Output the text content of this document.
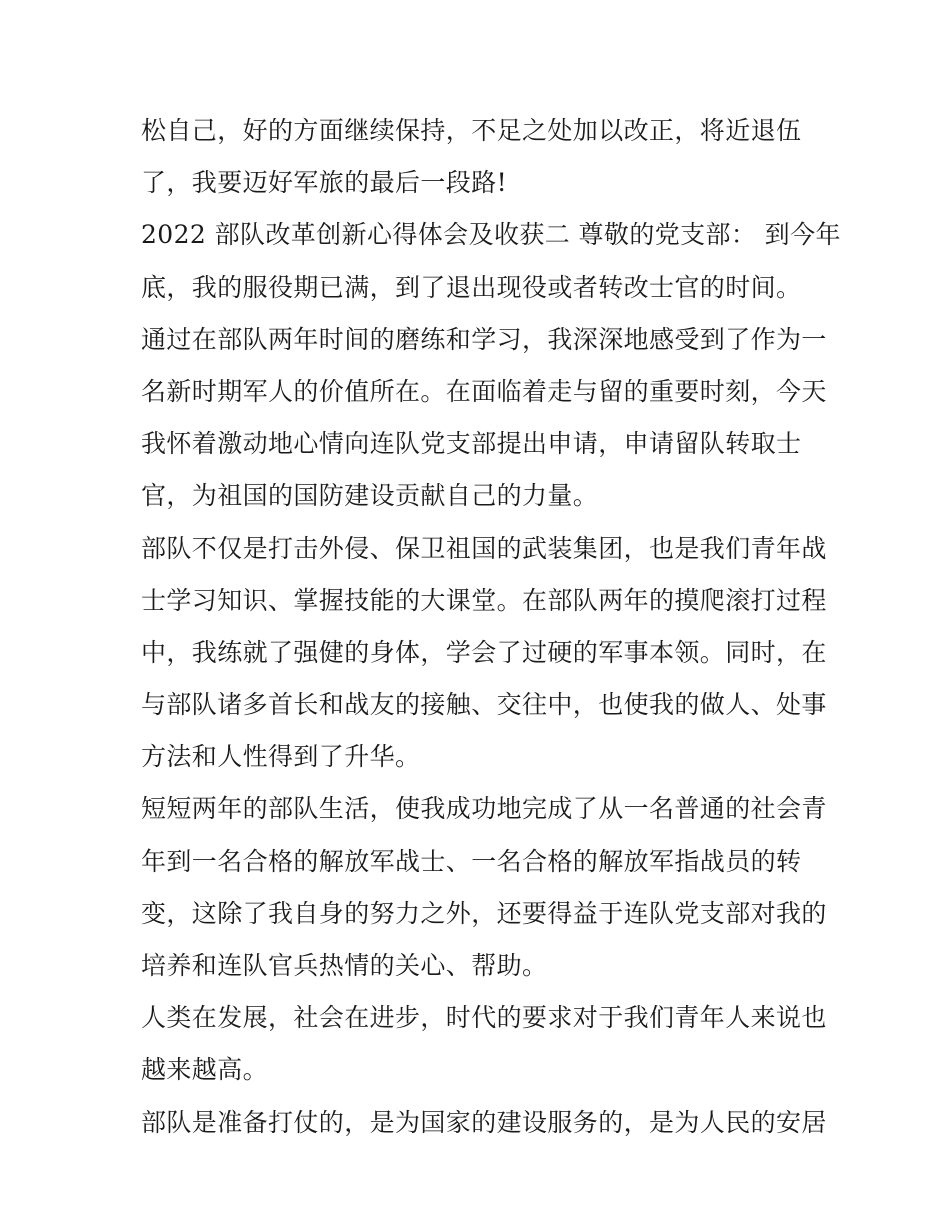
松自己，好的方面继续保持，不足之处加以改正，将近退伍
了，我要迈好军旅的最后一段路!
2022 部队改革创新心得体会及收获二 尊敬的党支部： 到今年
底，我的服役期已满，到了退出现役或者转改士官的时间。
通过在部队两年时间的磨练和学习，我深深地感受到了作为一
名新时期军人的价值所在。在面临着走与留的重要时刻，今天
我怀着激动地心情向连队党支部提出申请，申请留队转取士
官，为祖国的国防建设贡献自己的力量。
部队不仅是打击外侵、保卫祖国的武装集团，也是我们青年战
士学习知识、掌握技能的大课堂。在部队两年的摸爬滚打过程
中，我练就了强健的身体，学会了过硬的军事本领。同时，在
与部队诸多首长和战友的接触、交往中，也使我的做人、处事
方法和人性得到了升华。
短短两年的部队生活，使我成功地完成了从一名普通的社会青
年到一名合格的解放军战士、一名合格的解放军指战员的转
变，这除了我自身的努力之外，还要得益于连队党支部对我的
培养和连队官兵热情的关心、帮助。
人类在发展，社会在进步，时代的要求对于我们青年人来说也
越来越高。
部队是准备打仗的，是为国家的建设服务的，是为人民的安居
